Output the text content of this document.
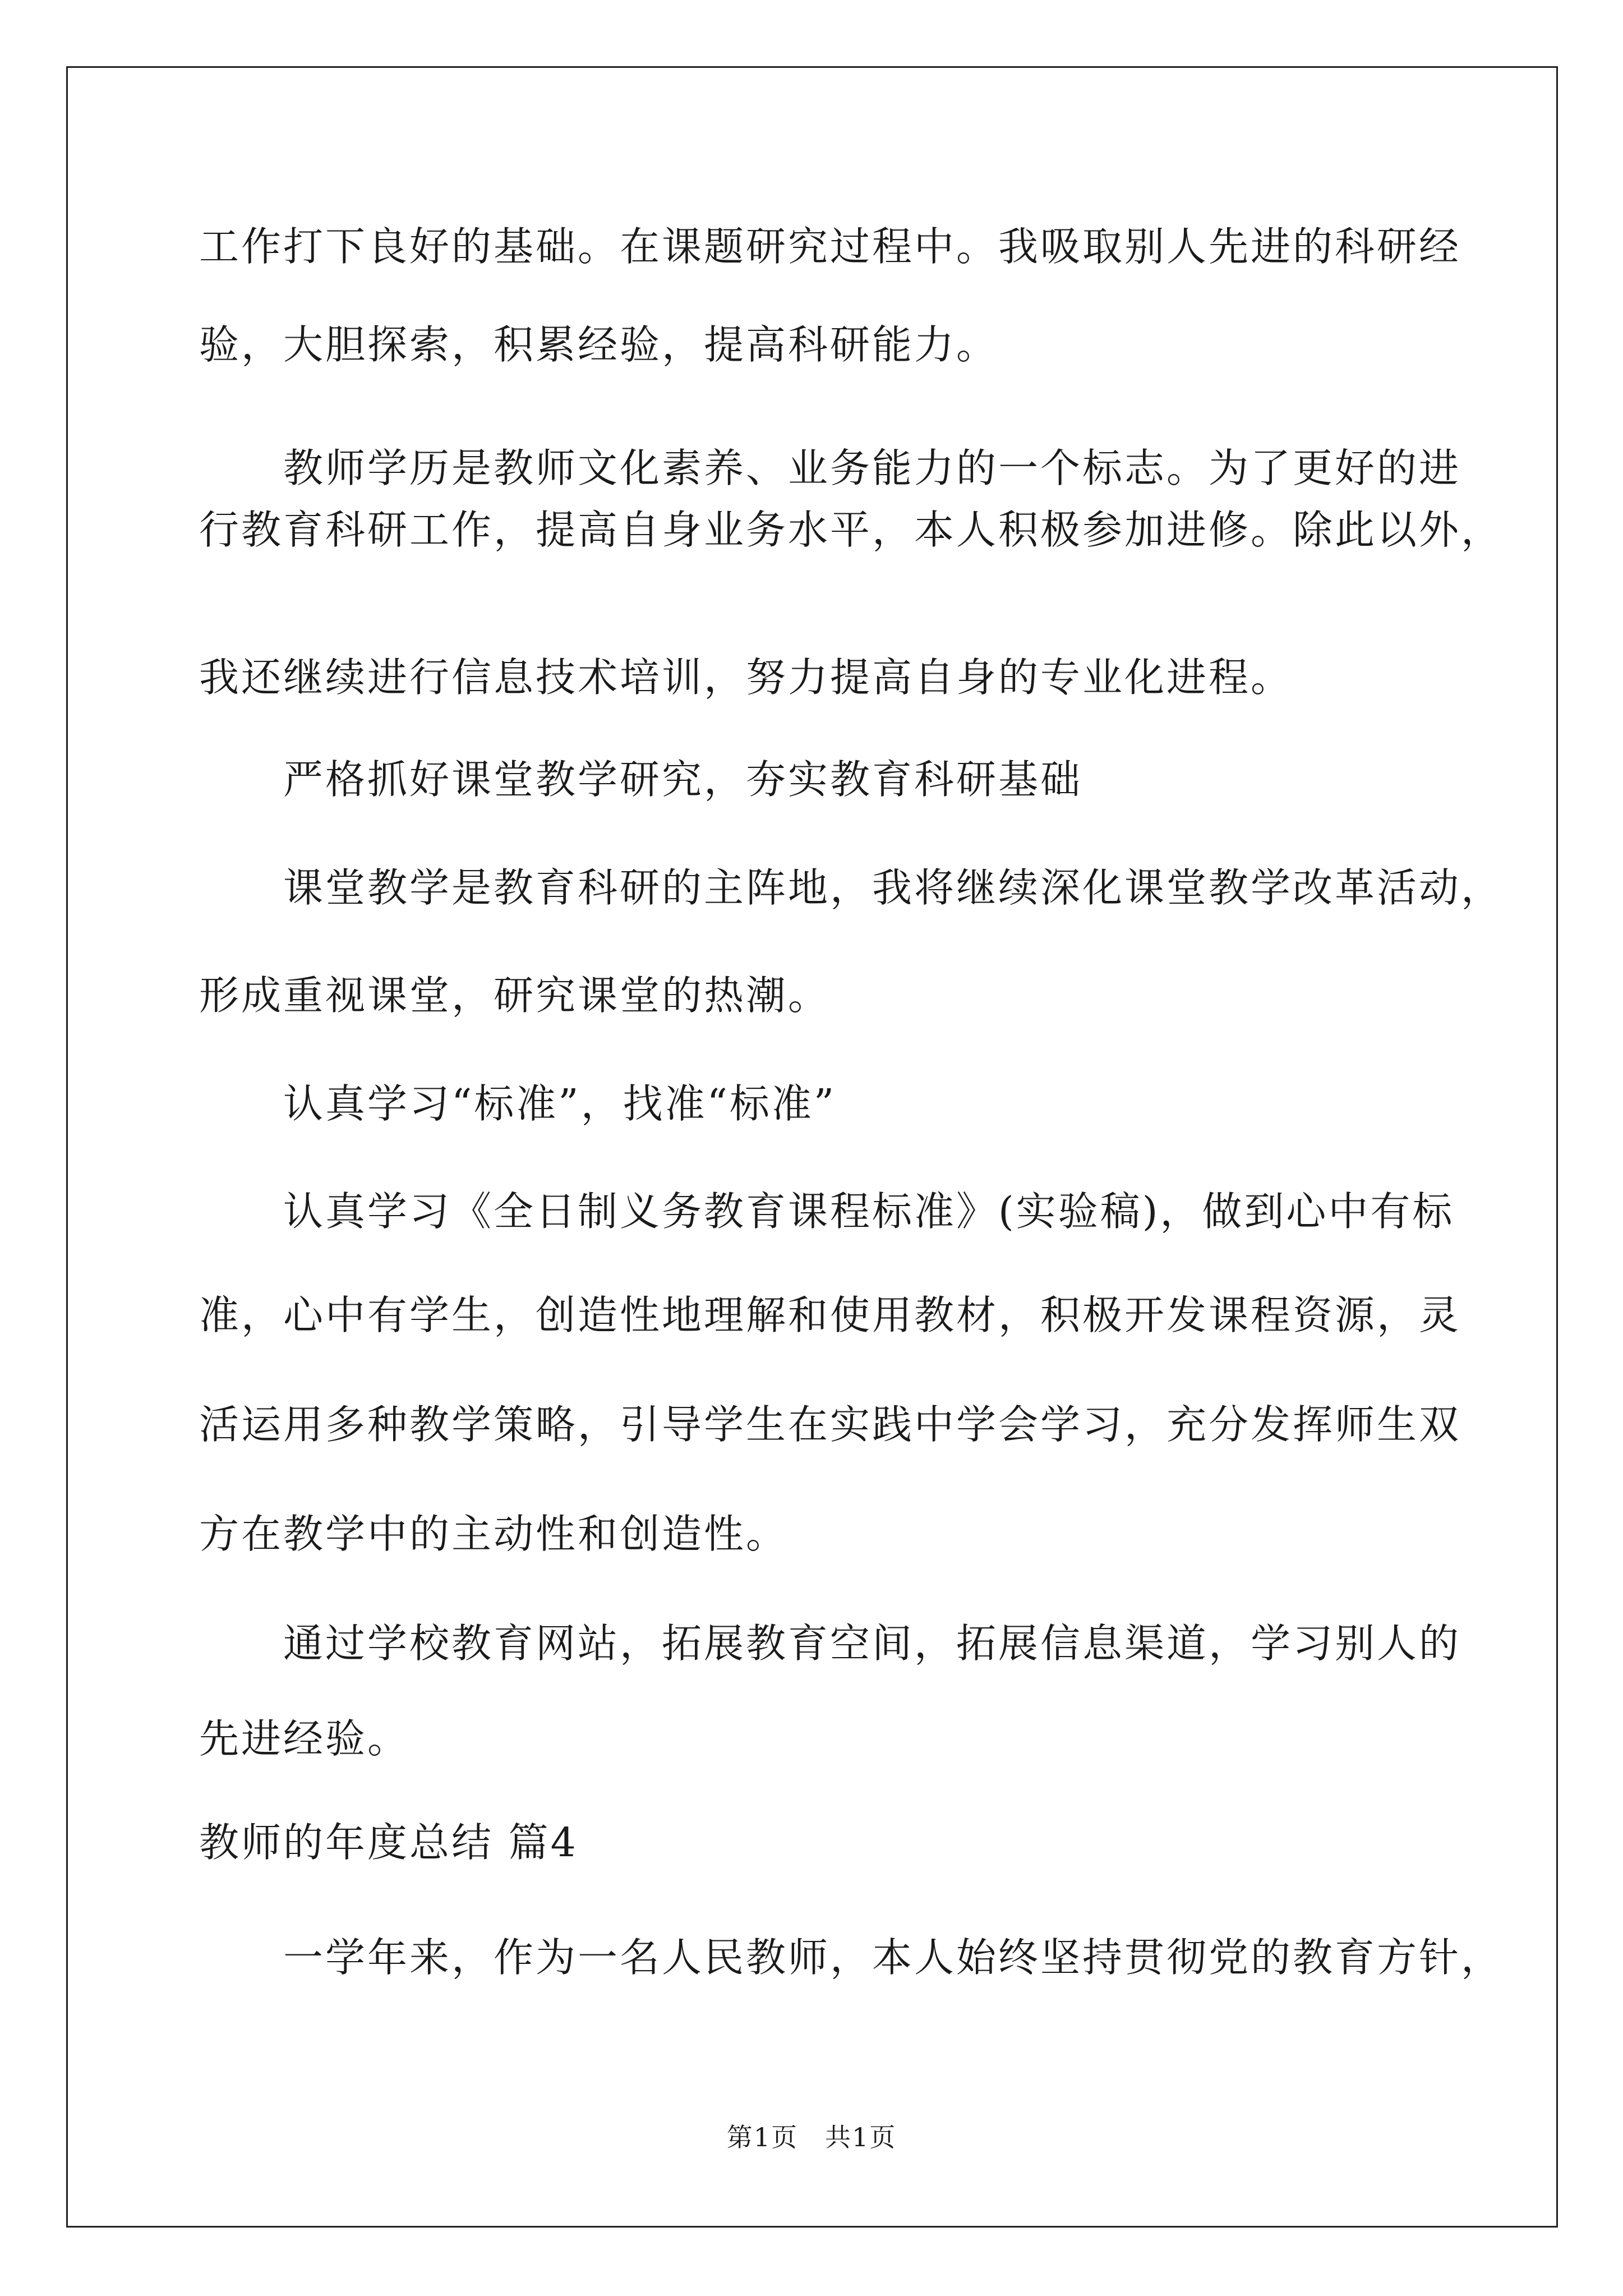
工作打下良好的基础。在课题研究过程中。我吸取别人先进的科研经
验，大胆探索，积累经验，提高科研能力。
教师学历是教师文化素养、业务能力的一个标志。为了更好的进
行教育科研工作，提高自身业务水平，本人积极参加进修。除此以外，
我还继续进行信息技术培训，努力提高自身的专业化进程。
严格抓好课堂教学研究，夯实教育科研基础
课堂教学是教育科研的主阵地，我将继续深化课堂教学改革活动，
形成重视课堂，研究课堂的热潮。
认真学习“标准”，找准“标准”
认真学习《全日制义务教育课程标准》(实验稿)，做到心中有标
准，心中有学生，创造性地理解和使用教材，积极开发课程资源，灵
活运用多种教学策略，引导学生在实践中学会学习，充分发挥师生双
方在教学中的主动性和创造性。
通过学校教育网站，拓展教育空间，拓展信息渠道，学习别人的
先进经验。
教师的年度总结 篇4
一学年来，作为一名人民教师，本人始终坚持贯彻党的教育方针，
第1页　共1页
